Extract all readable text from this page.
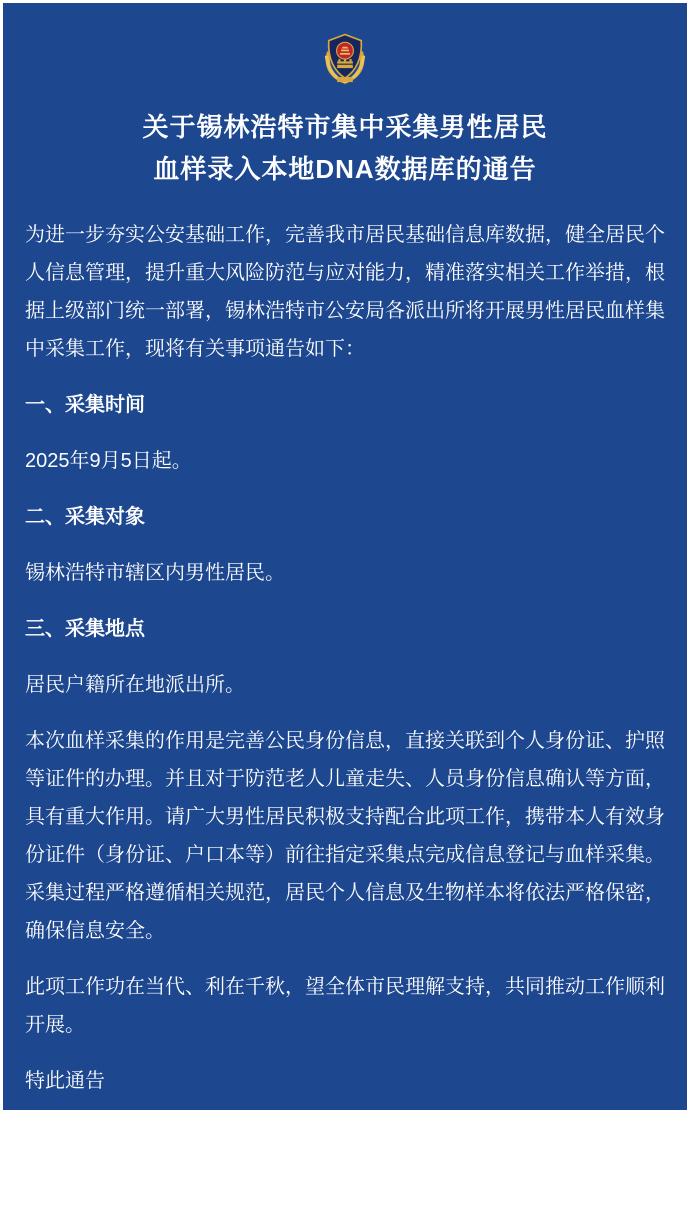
关于锡林浩特市集中采集男性居民
血样录入本地DNA数据库的通告

为进一步夯实公安基础工作，完善我市居民基础信息库数据，健全居民个人信息管理，提升重大风险防范与应对能力，精准落实相关工作举措，根据上级部门统一部署，锡林浩特市公安局各派出所将开展男性居民血样集中采集工作，现将有关事项通告如下：

一、采集时间

2025年9月5日起。

二、采集对象

锡林浩特市辖区内男性居民。

三、采集地点

居民户籍所在地派出所。

本次血样采集的作用是完善公民身份信息，直接关联到个人身份证、护照等证件的办理。并且对于防范老人儿童走失、人员身份信息确认等方面，具有重大作用。请广大男性居民积极支持配合此项工作，携带本人有效身份证件（身份证、户口本等）前往指定采集点完成信息登记与血样采集。采集过程严格遵循相关规范，居民个人信息及生物样本将依法严格保密，确保信息安全。

此项工作功在当代、利在千秋，望全体市民理解支持，共同推动工作顺利开展。

特此通告

锡林浩特市公安局

2025年9月20日
